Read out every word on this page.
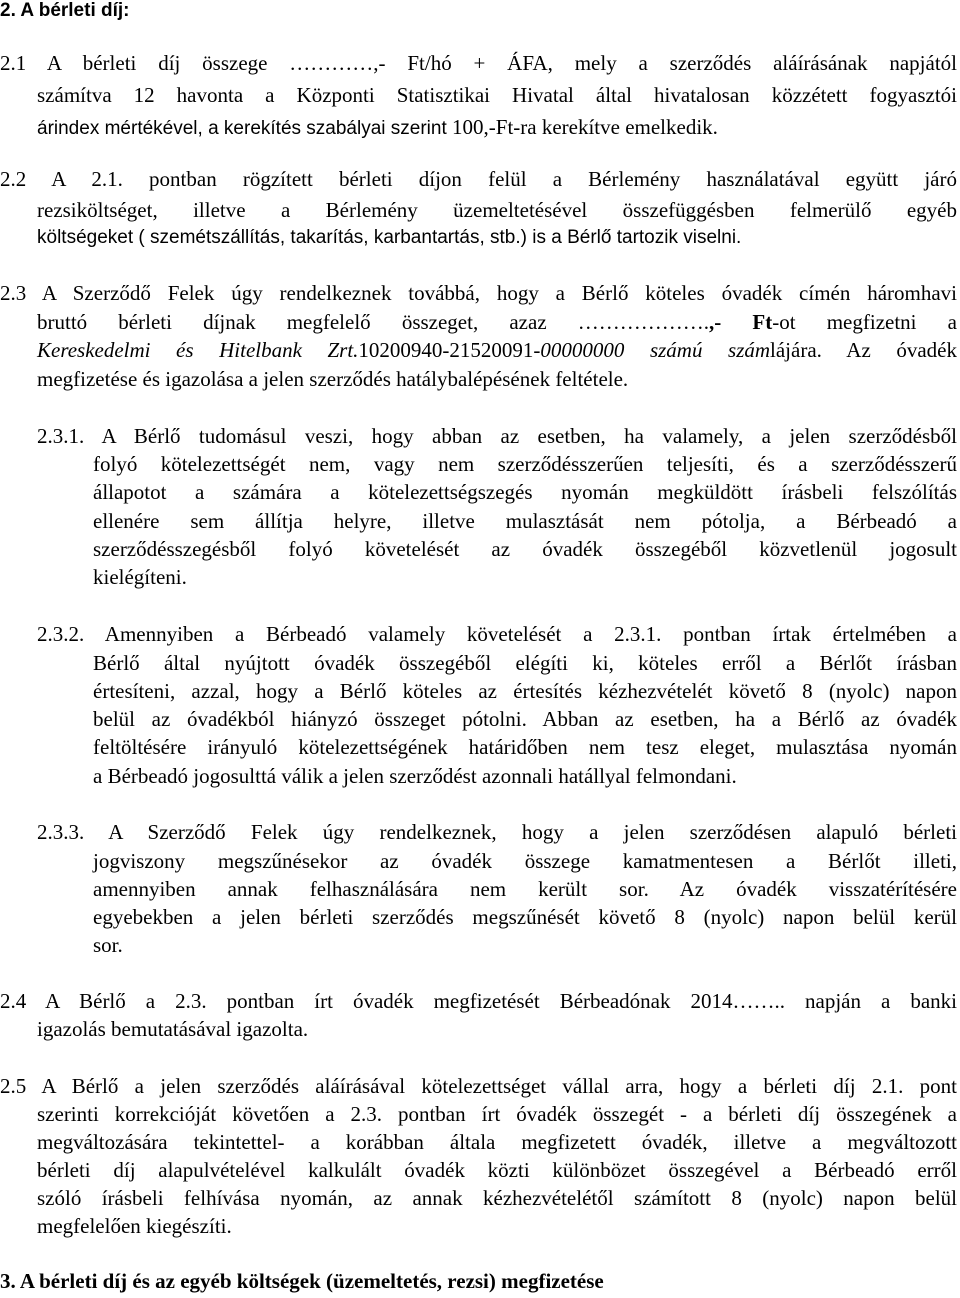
2. A bérleti díj:
2.1 A bérleti díj összege …………,- Ft/hó + ÁFA, mely a szerződés aláírásának napjától
számítva 12 havonta a Központi Statisztikai Hivatal által hivatalosan közzétett fogyasztói
árindex mértékével, a kerekítés szabályai szerint 100,-Ft-ra kerekítve emelkedik.
2.2 A 2.1. pontban rögzített bérleti díjon felül a Bérlemény használatával együtt járó
rezsiköltséget, illetve a Bérlemény üzemeltetésével összefüggésben felmerülő egyéb
költségeket ( szemétszállítás, takarítás, karbantartás, stb.) is a Bérlő tartozik viselni.
2.3 A Szerződő Felek úgy rendelkeznek továbbá, hogy a Bérlő köteles óvadék címén háromhavi
bruttó bérleti díjnak megfelelő összeget, azaz ……………….,- Ft-ot megfizetni a
Kereskedelmi és Hitelbank Zrt.10200940-21520091-00000000 számú számlájára. Az óvadék
megfizetése és igazolása a jelen szerződés hatálybalépésének feltétele.
2.3.1. A Bérlő tudomásul veszi, hogy abban az esetben, ha valamely, a jelen szerződésből
folyó kötelezettségét nem, vagy nem szerződésszerűen teljesíti, és a szerződésszerű
állapotot a számára a kötelezettségszegés nyomán megküldött írásbeli felszólítás
ellenére sem állítja helyre, illetve mulasztását nem pótolja, a Bérbeadó a
szerződésszegésből folyó követelését az óvadék összegéből közvetlenül jogosult
kielégíteni.
2.3.2. Amennyiben a Bérbeadó valamely követelését a 2.3.1. pontban írtak értelmében a
Bérlő által nyújtott óvadék összegéből elégíti ki, köteles erről a Bérlőt írásban
értesíteni, azzal, hogy a Bérlő köteles az értesítés kézhezvételét követő 8 (nyolc) napon
belül az óvadékból hiányzó összeget pótolni. Abban az esetben, ha a Bérlő az óvadék
feltöltésére irányuló kötelezettségének határidőben nem tesz eleget, mulasztása nyomán
a Bérbeadó jogosulttá válik a jelen szerződést azonnali hatállyal felmondani.
2.3.3. A Szerződő Felek úgy rendelkeznek, hogy a jelen szerződésen alapuló bérleti
jogviszony megszűnésekor az óvadék összege kamatmentesen a Bérlőt illeti,
amennyiben annak felhasználására nem került sor. Az óvadék visszatérítésére
egyebekben a jelen bérleti szerződés megszűnését követő 8 (nyolc) napon belül kerül
sor.
2.4 A Bérlő a 2.3. pontban írt óvadék megfizetését Bérbeadónak 2014…….. napján a banki
igazolás bemutatásával igazolta.
2.5 A Bérlő a jelen szerződés aláírásával kötelezettséget vállal arra, hogy a bérleti díj 2.1. pont
szerinti korrekcióját követően a 2.3. pontban írt óvadék összegét - a bérleti díj összegének a
megváltozására tekintettel- a korábban általa megfizetett óvadék, illetve a megváltozott
bérleti díj alapulvételével kalkulált óvadék közti különbözet összegével a Bérbeadó erről
szóló írásbeli felhívása nyomán, az annak kézhezvételétől számított 8 (nyolc) napon belül
megfelelően kiegészíti.
3. A bérleti díj és az egyéb költségek (üzemeltetés, rezsi) megfizetése
